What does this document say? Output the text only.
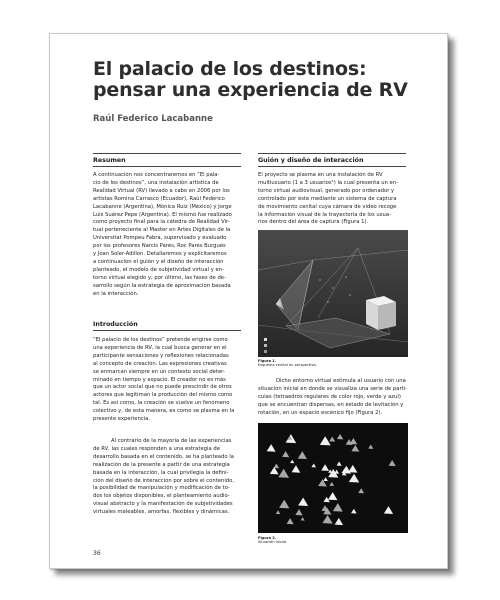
El palacio de los destinos:
pensar una experiencia de RV
Raúl Federico Lacabanne
Resumen
A continuación nos concentraremos en “El pala-
cio de los destinos”, una instalación artística de
Realidad Virtual (RV) llevado a cabo en 2006 por los
artistas Romina Carrasco (Ecuador), Raúl Federico
Lacabanne (Argentina), Mónica Ruiz (México) y Jorge
Luis Suárez Pepe (Argentina). El mismo fue realizado
como proyecto final para la cátedra de Realidad Vir-
tual perteneciente al Master en Artes Digitales de la
Universitat Pompeu Fabra, supervisado y evaluado
por los profesores Narcís Parés, Roc Parés Burguès
y Joan Soler-Adillon. Detallaremos y explicitaremos
a continuación el guión y el diseño de interacción
planteado, el modelo de subjetividad virtual y en-
torno virtual elegido y, por último, las fases de de-
sarrollo según la estrategia de aproximación basada
en la interacción.
Introducción
“El palacio de los destinos” pretende erigirse como
una experiencia de RV, la cual busca generar en el
participante sensaciones y reflexiones relacionadas
al concepto de creación. Las expresiones creativas
se enmarcan siempre en un contexto social deter-
minado en tiempo y espacio. El creador no es más
que un actor social que no puede prescindir de otros
actores que legitiman la producción del mismo como
tal. Es así como, la creación se vuelve un fenómeno
colectivo y, de esta manera, es como se plasma en la
presente experiencia.
Al contrario de la mayoría de las experiencias
de RV, las cuales responden a una estrategia de
desarrollo basada en el contenido, se ha planteado la
realización de la presente a partir de una estrategia
basada en la interacción, la cual privilegia la defini-
ción del diseño de interacción por sobre el contenido,
la posibilidad de manipulación y modificación de to-
dos los objetos disponibles, el planteamiento audio-
visual abstracto y la manifestación de subjetividades
virtuales maleables, amorfas, flexibles y dinámicas.
Guión y diseño de interacción
El proyecto se plasma en una instalación de RV
multiusuario (1 a 3 usuarios¹) la cual presenta un en-
torno virtual audiovisual, generado por ordenador y
controlado por éste mediante un sistema de captura
de movimiento cenital cuya cámara de vídeo recoge
la información visual de la trayectoria de los usua-
rios dentro del área de captura (Figura 1).
Figura 1.
Esquema cenital en perspectiva.
Dicho entorno virtual estimula al usuario con una
situación inicial en donde se visualiza una serie de partí-
culas (tetraedros regulares de color rojo, verde y azul)
que se encuentran dispersas, en estado de levitación y
rotación, en un espacio escénico fijo (Figura 2).
Figura 2.
Situación inicial.
36
